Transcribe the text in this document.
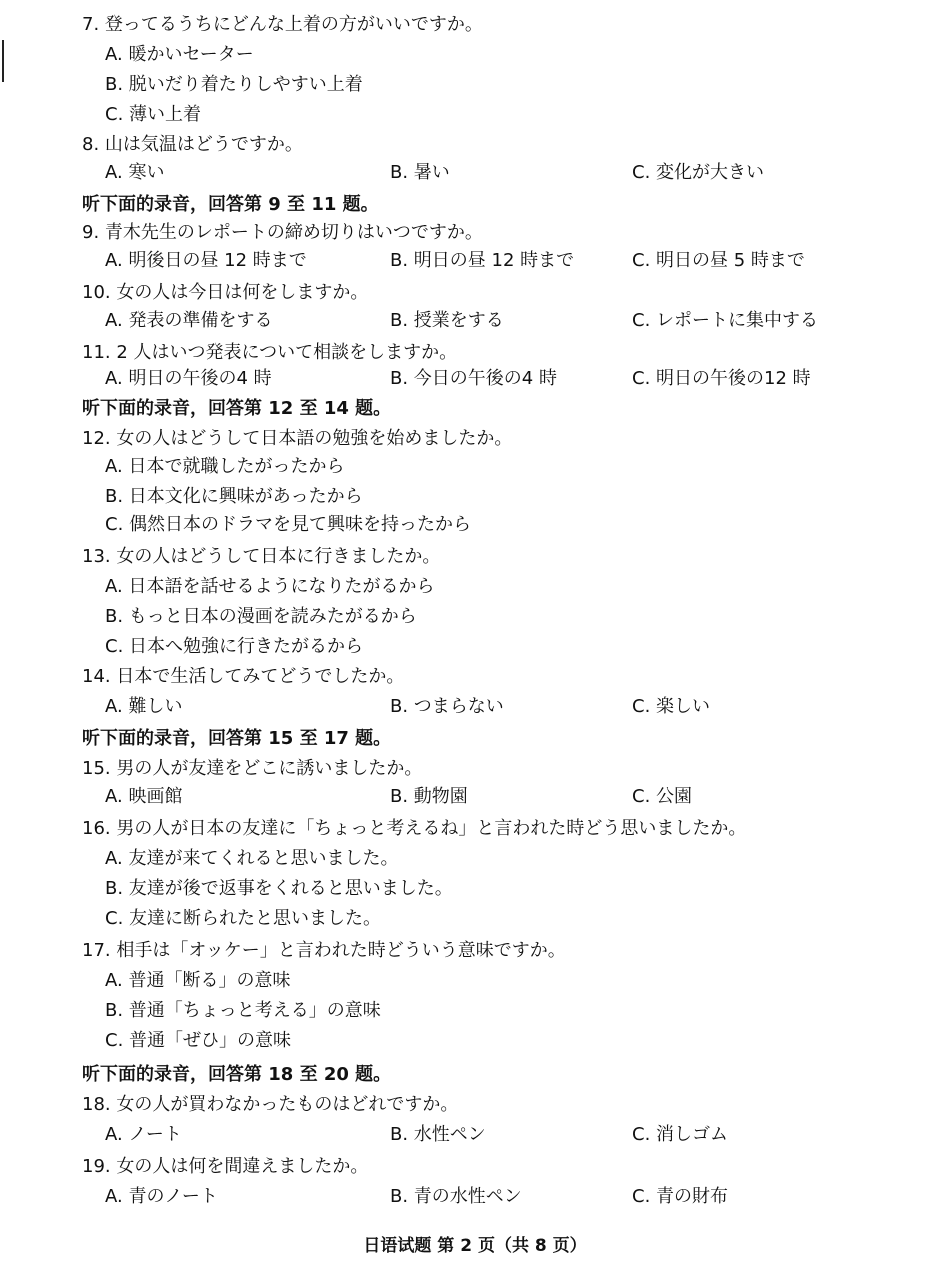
7. 登ってるうちにどんな上着の方がいいですか。
A. 暖かいセーター
B. 脱いだり着たりしやすい上着
C. 薄い上着
8. 山は気温はどうですか。
A. 寒い	B. 暑い	C. 変化が大きい
听下面的录音，回答第 9 至 11 题。
9. 青木先生のレポートの締め切りはいつですか。
A. 明後日の昼 12 時まで	B. 明日の昼 12 時まで	C. 明日の昼 5 時まで
10. 女の人は今日は何をしますか。
A. 発表の準備をする	B. 授業をする	C. レポートに集中する
11. 2 人はいつ発表について相談をしますか。
A. 明日の午後の4 時	B. 今日の午後の4 時	C. 明日の午後の12 時
听下面的录音，回答第 12 至 14 题。
12. 女の人はどうして日本語の勉強を始めましたか。
A. 日本で就職したがったから
B. 日本文化に興味があったから
C. 偶然日本のドラマを見て興味を持ったから
13. 女の人はどうして日本に行きましたか。
A. 日本語を話せるようになりたがるから
B. もっと日本の漫画を読みたがるから
C. 日本へ勉強に行きたがるから
14. 日本で生活してみてどうでしたか。
A. 難しい	B. つまらない	C. 楽しい
听下面的录音，回答第 15 至 17 题。
15. 男の人が友達をどこに誘いましたか。
A. 映画館	B. 動物園	C. 公園
16. 男の人が日本の友達に「ちょっと考えるね」と言われた時どう思いましたか。
A. 友達が来てくれると思いました。
B. 友達が後で返事をくれると思いました。
C. 友達に断られたと思いました。
17. 相手は「オッケー」と言われた時どういう意味ですか。
A. 普通「断る」の意味
B. 普通「ちょっと考える」の意味
C. 普通「ぜひ」の意味
听下面的录音，回答第 18 至 20 题。
18. 女の人が買わなかったものはどれですか。
A. ノート	B. 水性ペン	C. 消しゴム
19. 女の人は何を間違えましたか。
A. 青のノート	B. 青の水性ペン	C. 青の財布
日语试题 第 2 页（共 8 页）
